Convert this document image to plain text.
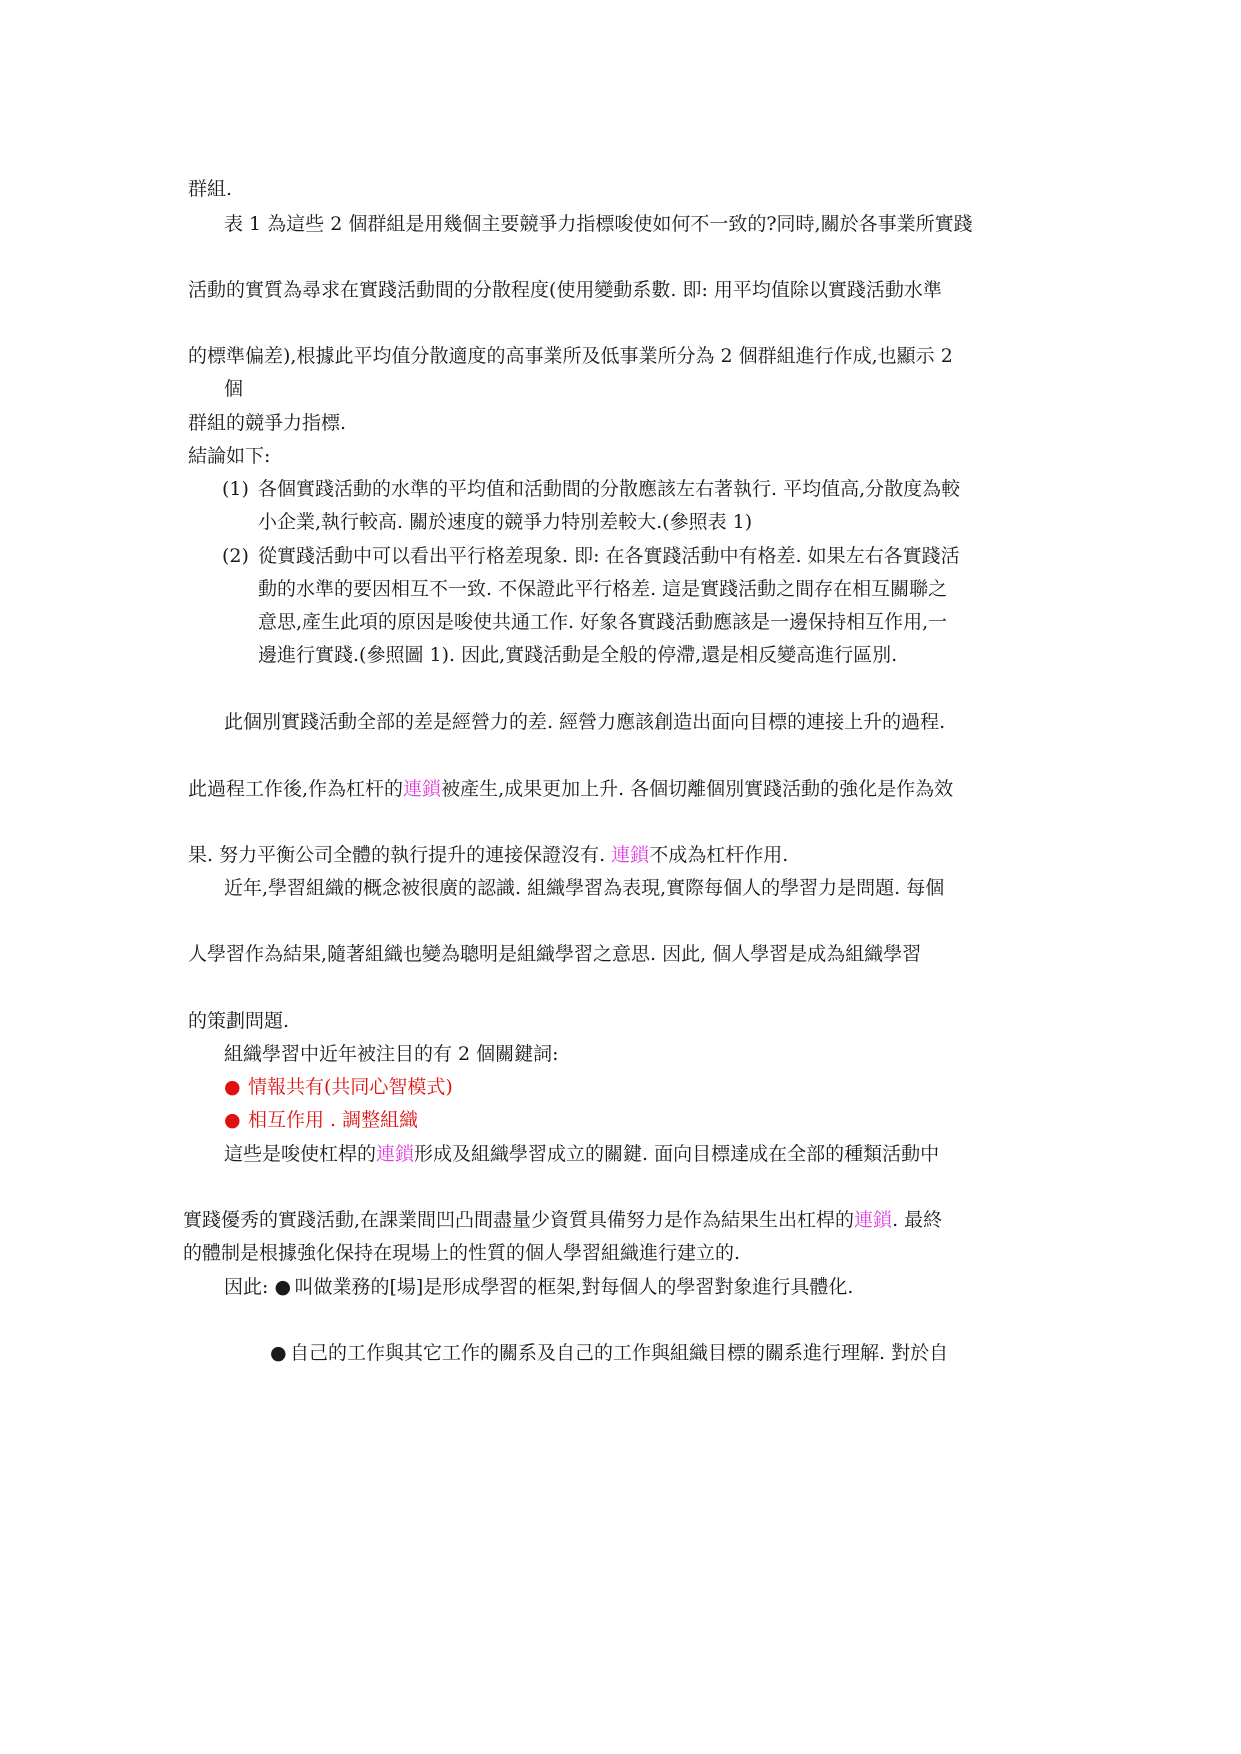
群組.
表 1 為這些 2 個群組是用幾個主要競爭力指標唆使如何不一致的?同時,關於各事業所實踐
活動的實質為尋求在實踐活動間的分散程度(使用變動系數. 即: 用平均值除以實踐活動水準
的標準偏差),根據此平均值分散適度的高事業所及低事業所分為 2 個群組進行作成,也顯示 2
個
群組的競爭力指標.
結論如下:
(1) 各個實踐活動的水準的平均值和活動間的分散應該左右著執行. 平均值高,分散度為較
小企業,執行較高. 關於速度的競爭力特別差較大.(參照表 1)
(2) 從實踐活動中可以看出平行格差現象. 即: 在各實踐活動中有格差. 如果左右各實踐活
動的水準的要因相互不一致. 不保證此平行格差. 這是實踐活動之間存在相互關聯之
意思,產生此項的原因是唆使共通工作. 好象各實踐活動應該是一邊保持相互作用,一
邊進行實踐.(參照圖 1). 因此,實踐活動是全般的停滯,還是相反變高進行區別.
此個別實踐活動全部的差是經營力的差. 經營力應該創造出面向目標的連接上升的過程.
此過程工作後,作為杠杆的連鎖被產生,成果更加上升. 各個切離個別實踐活動的強化是作為效
果. 努力平衡公司全體的執行提升的連接保證沒有. 連鎖不成為杠杆作用.
近年,學習組織的概念被很廣的認識. 組織學習為表現,實際每個人的學習力是問題. 每個
人學習作為結果,隨著組織也變為聰明是組織學習之意思. 因此, 個人學習是成為組織學習
的策劃問題.
組織學習中近年被注目的有 2 個關鍵詞:
● 情報共有(共同心智模式)
● 相互作用 . 調整組織
這些是唆使杠桿的連鎖形成及組織學習成立的關鍵. 面向目標達成在全部的種類活動中
實踐優秀的實踐活動,在課業間凹凸間盡量少資質具備努力是作為結果生出杠桿的連鎖. 最終
的體制是根據強化保持在現場上的性質的個人學習組織進行建立的.
因此: ● 叫做業務的[場]是形成學習的框架,對每個人的學習對象進行具體化.
● 自己的工作與其它工作的關系及自己的工作與組織目標的關系進行理解. 對於自
